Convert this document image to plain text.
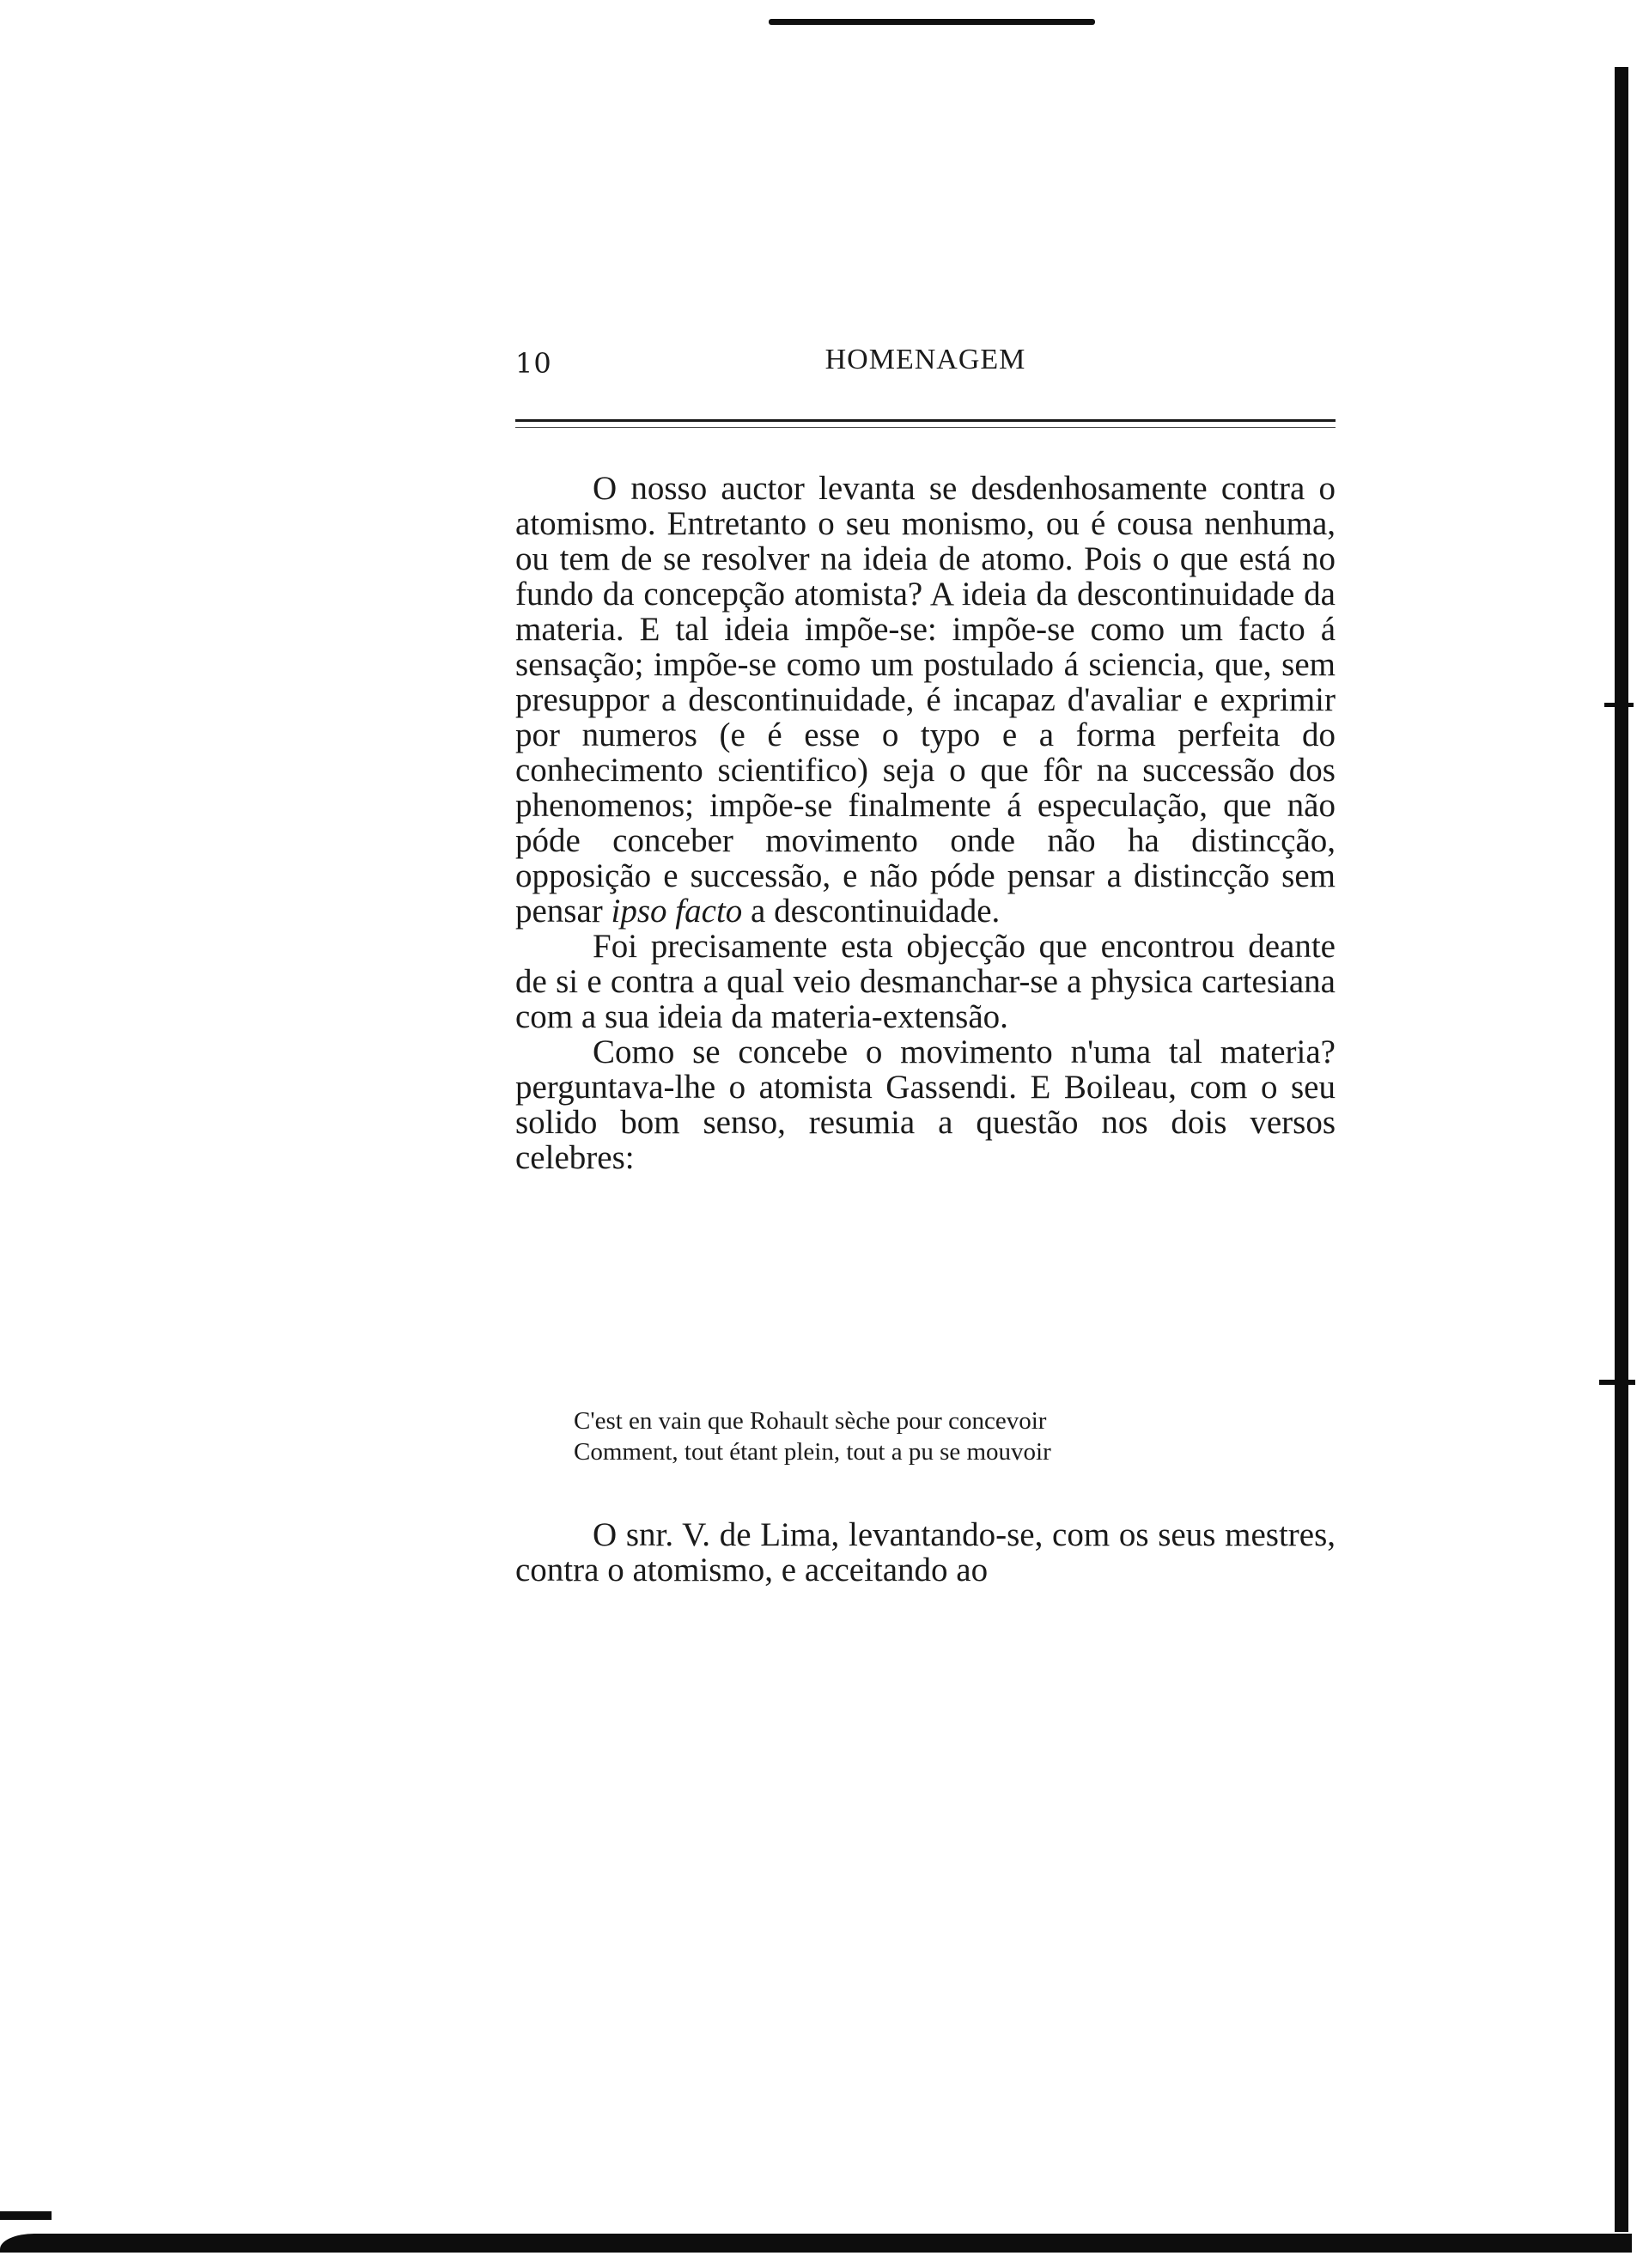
10	HOMENAGEM

O nosso auctor levanta se desdenhosamente contra o atomismo. Entretanto o seu monismo, ou é cousa nenhuma, ou tem de se resolver na ideia de atomo. Pois o que está no fundo da concepção atomista? A ideia da descontinuidade da materia. E tal ideia impõe-se: impõe-se como um facto á sensação; impõe-se como um postulado á sciencia, que, sem presuppor a descontinuidade, é incapaz d'avaliar e exprimir por numeros (e é esse o typo e a forma perfeita do conhecimento scientifico) seja o que fôr na successão dos phenomenos; impõe-se finalmente á especulação, que não póde conceber movimento onde não ha distincção, opposição e successão, e não póde pensar a distincção sem pensar ipso facto a descontinuidade.

Foi precisamente esta objecção que encontrou deante de si e contra a qual veio desmanchar-se a physica cartesiana com a sua ideia da materia-extensão.

Como se concebe o movimento n'uma tal materia? perguntava-lhe o atomista Gassendi. E Boileau, com o seu solido bom senso, resumia a questão nos dois versos celebres:

C'est en vain que Rohault sèche pour concevoir
Comment, tout étant plein, tout a pu se mouvoir

O snr. V. de Lima, levantando-se, com os seus mestres, contra o atomismo, e acceitando ao
